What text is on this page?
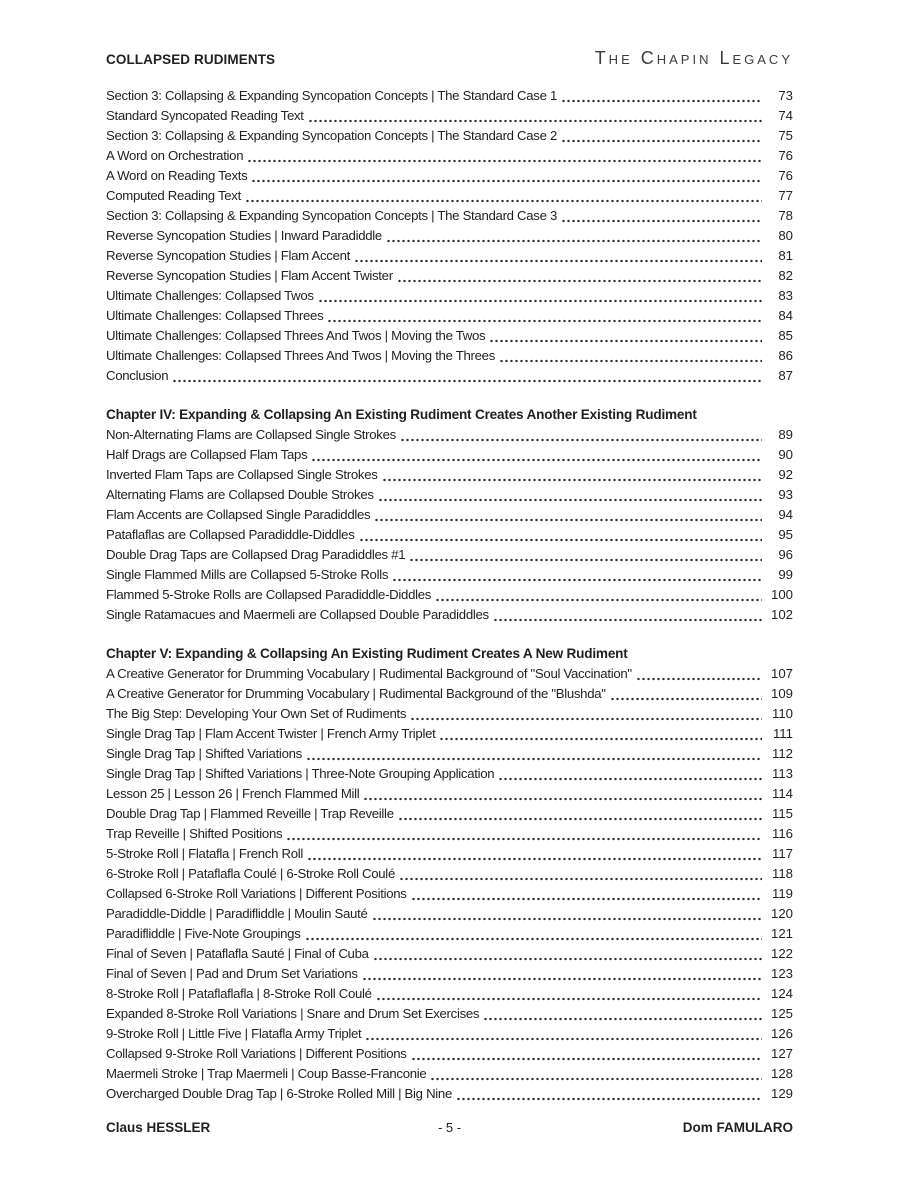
COLLAPSED RUDIMENTS	The Chapin Legacy
Section 3: Collapsing & Expanding Syncopation Concepts | The Standard Case 1	73
Standard Syncopated Reading Text	74
Section 3: Collapsing & Expanding Syncopation Concepts | The Standard Case 2	75
A Word on Orchestration	76
A Word on Reading Texts	76
Computed Reading Text	77
Section 3: Collapsing & Expanding Syncopation Concepts | The Standard Case 3	78
Reverse Syncopation Studies | Inward Paradiddle	80
Reverse Syncopation Studies | Flam Accent	81
Reverse Syncopation Studies | Flam Accent Twister	82
Ultimate Challenges: Collapsed Twos	83
Ultimate Challenges: Collapsed Threes	84
Ultimate Challenges: Collapsed Threes And Twos | Moving the Twos	85
Ultimate Challenges: Collapsed Threes And Twos | Moving the Threes	86
Conclusion	87
Chapter IV: Expanding & Collapsing An Existing Rudiment Creates Another Existing Rudiment
Non-Alternating Flams are Collapsed Single Strokes	89
Half Drags are Collapsed Flam Taps	90
Inverted Flam Taps are Collapsed Single Strokes	92
Alternating Flams are Collapsed Double Strokes	93
Flam Accents are Collapsed Single Paradiddles	94
Pataflaflas are Collapsed Paradiddle-Diddles	95
Double Drag Taps are Collapsed Drag Paradiddles #1	96
Single Flammed Mills are Collapsed 5-Stroke Rolls	99
Flammed 5-Stroke Rolls are Collapsed Paradiddle-Diddles	100
Single Ratamacues and Maermeli are Collapsed Double Paradiddles	102
Chapter V: Expanding & Collapsing An Existing Rudiment Creates A New Rudiment
A Creative Generator for Drumming Vocabulary | Rudimental Background of "Soul Vaccination"	107
A Creative Generator for Drumming Vocabulary | Rudimental Background of the "Blushda"	109
The Big Step: Developing Your Own Set of Rudiments	110
Single Drag Tap | Flam Accent Twister | French Army Triplet	111
Single Drag Tap | Shifted Variations	112
Single Drag Tap | Shifted Variations | Three-Note Grouping Application	113
Lesson 25 | Lesson 26 | French Flammed Mill	114
Double Drag Tap | Flammed Reveille | Trap Reveille	115
Trap Reveille | Shifted Positions	116
5-Stroke Roll | Flatafla | French Roll	117
6-Stroke Roll | Pataflafla Coulé | 6-Stroke Roll Coulé	118
Collapsed 6-Stroke Roll Variations | Different Positions	119
Paradiddle-Diddle | Paradifliddle | Moulin Sauté	120
Paradifliddle | Five-Note Groupings	121
Final of Seven | Pataflafla Sauté | Final of Cuba	122
Final of Seven | Pad and Drum Set Variations	123
8-Stroke Roll | Pataflaflafla | 8-Stroke Roll Coulé	124
Expanded 8-Stroke Roll Variations | Snare and Drum Set Exercises	125
9-Stroke Roll | Little Five | Flatafla Army Triplet	126
Collapsed 9-Stroke Roll Variations | Different Positions	127
Maermeli Stroke | Trap Maermeli | Coup Basse-Franconie	128
Overcharged Double Drag Tap | 6-Stroke Rolled Mill | Big Nine	129
Claus HESSLER	- 5 -	Dom FAMULARO
